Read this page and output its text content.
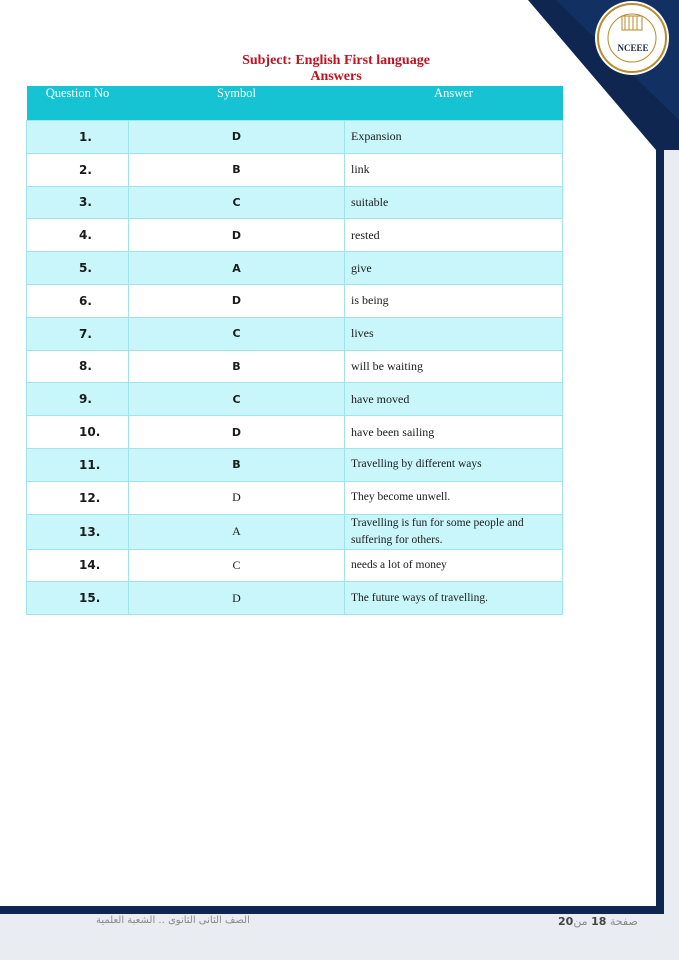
NCEEE
Subject: English First language
Answers
Question No	Symbol	Answer
1.	D	Expansion
2.	B	link
3.	C	suitable
4.	D	rested
5.	A	give
6.	D	is being
7.	C	lives
8.	B	will be waiting
9.	C	have moved
10.	D	have been sailing
11.	B	Travelling by different ways
12.	D	They become unwell.
13.	A	Travelling is fun for some people and suffering for others.
14.	C	needs a lot of money
15.	D	The future ways of travelling.
الصف الثانى الثانوى .. الشعبة العلمية	صفحة 18 من20
